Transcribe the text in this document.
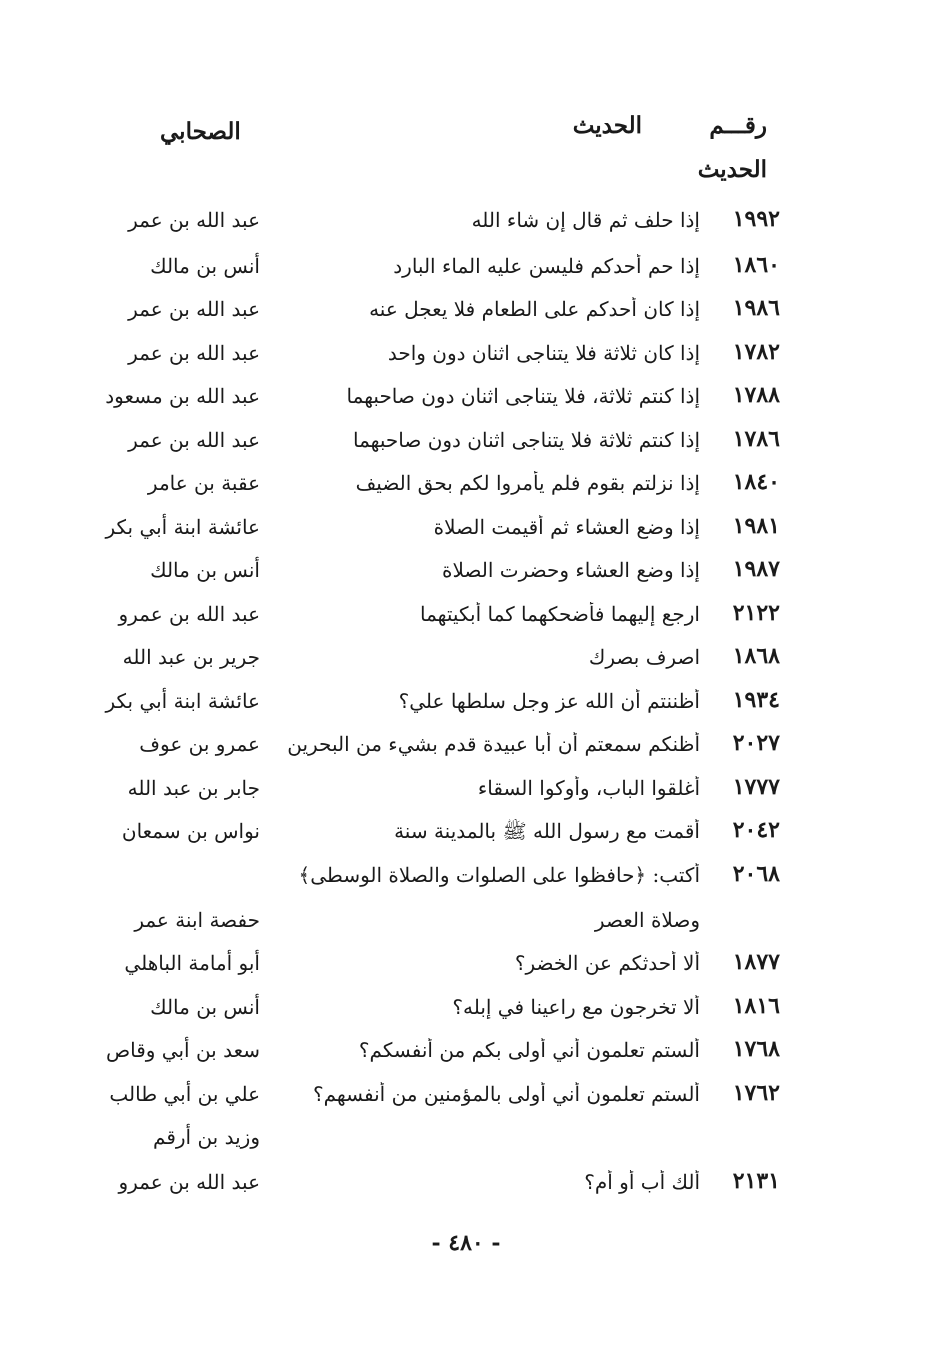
رقـــم
الحديث
الصحابي
الحديث
١٩٩٢
إذا حلف ثم قال إن شاء الله
عبد الله بن عمر
١٨٦٠
إذا حم أحدكم فليسن عليه الماء البارد
أنس بن مالك
١٩٨٦
إذا كان أحدكم على الطعام فلا يعجل عنه
عبد الله بن عمر
١٧٨٢
إذا كان ثلاثة فلا يتناجى اثنان دون واحد
عبد الله بن عمر
١٧٨٨
إذا كنتم ثلاثة، فلا يتناجى اثنان دون صاحبهما
عبد الله بن مسعود
١٧٨٦
إذا كنتم ثلاثة فلا يتناجى اثنان دون صاحبهما
عبد الله بن عمر
١٨٤٠
إذا نزلتم بقوم فلم يأمروا لكم بحق الضيف
عقبة بن عامر
١٩٨١
إذا وضع العشاء ثم أقيمت الصلاة
عائشة ابنة أبي بكر
١٩٨٧
إذا وضع العشاء وحضرت الصلاة
أنس بن مالك
٢١٢٢
ارجع إليهما فأضحكهما كما أبكيتهما
عبد الله بن عمرو
١٨٦٨
اصرف بصرك
جرير بن عبد الله
١٩٣٤
أظننتم أن الله عز وجل سلطها علي؟
عائشة ابنة أبي بكر
٢٠٢٧
أظنكم سمعتم أن أبا عبيدة قدم بشيء من البحرين
عمرو بن عوف
١٧٧٧
أغلقوا الباب، وأوكوا السقاء
جابر بن عبد الله
٢٠٤٢
أقمت مع رسول الله ﷺ بالمدينة سنة
نواس بن سمعان
٢٠٦٨
أكتب: ﴿حافظوا على الصلوات والصلاة الوسطى﴾
وصلاة العصر
حفصة ابنة عمر
١٨٧٧
ألا أحدثكم عن الخضر؟
أبو أمامة الباهلي
١٨١٦
ألا تخرجون مع راعينا في إبله؟
أنس بن مالك
١٧٦٨
ألستم تعلمون أني أولى بكم من أنفسكم؟
سعد بن أبي وقاص
١٧٦٢
ألستم تعلمون أني أولى بالمؤمنين من أنفسهم؟
علي بن أبي طالب
وزيد بن أرقم
٢١٣١
ألك أب أو أم؟
عبد الله بن عمرو
- ٤٨٠ -
